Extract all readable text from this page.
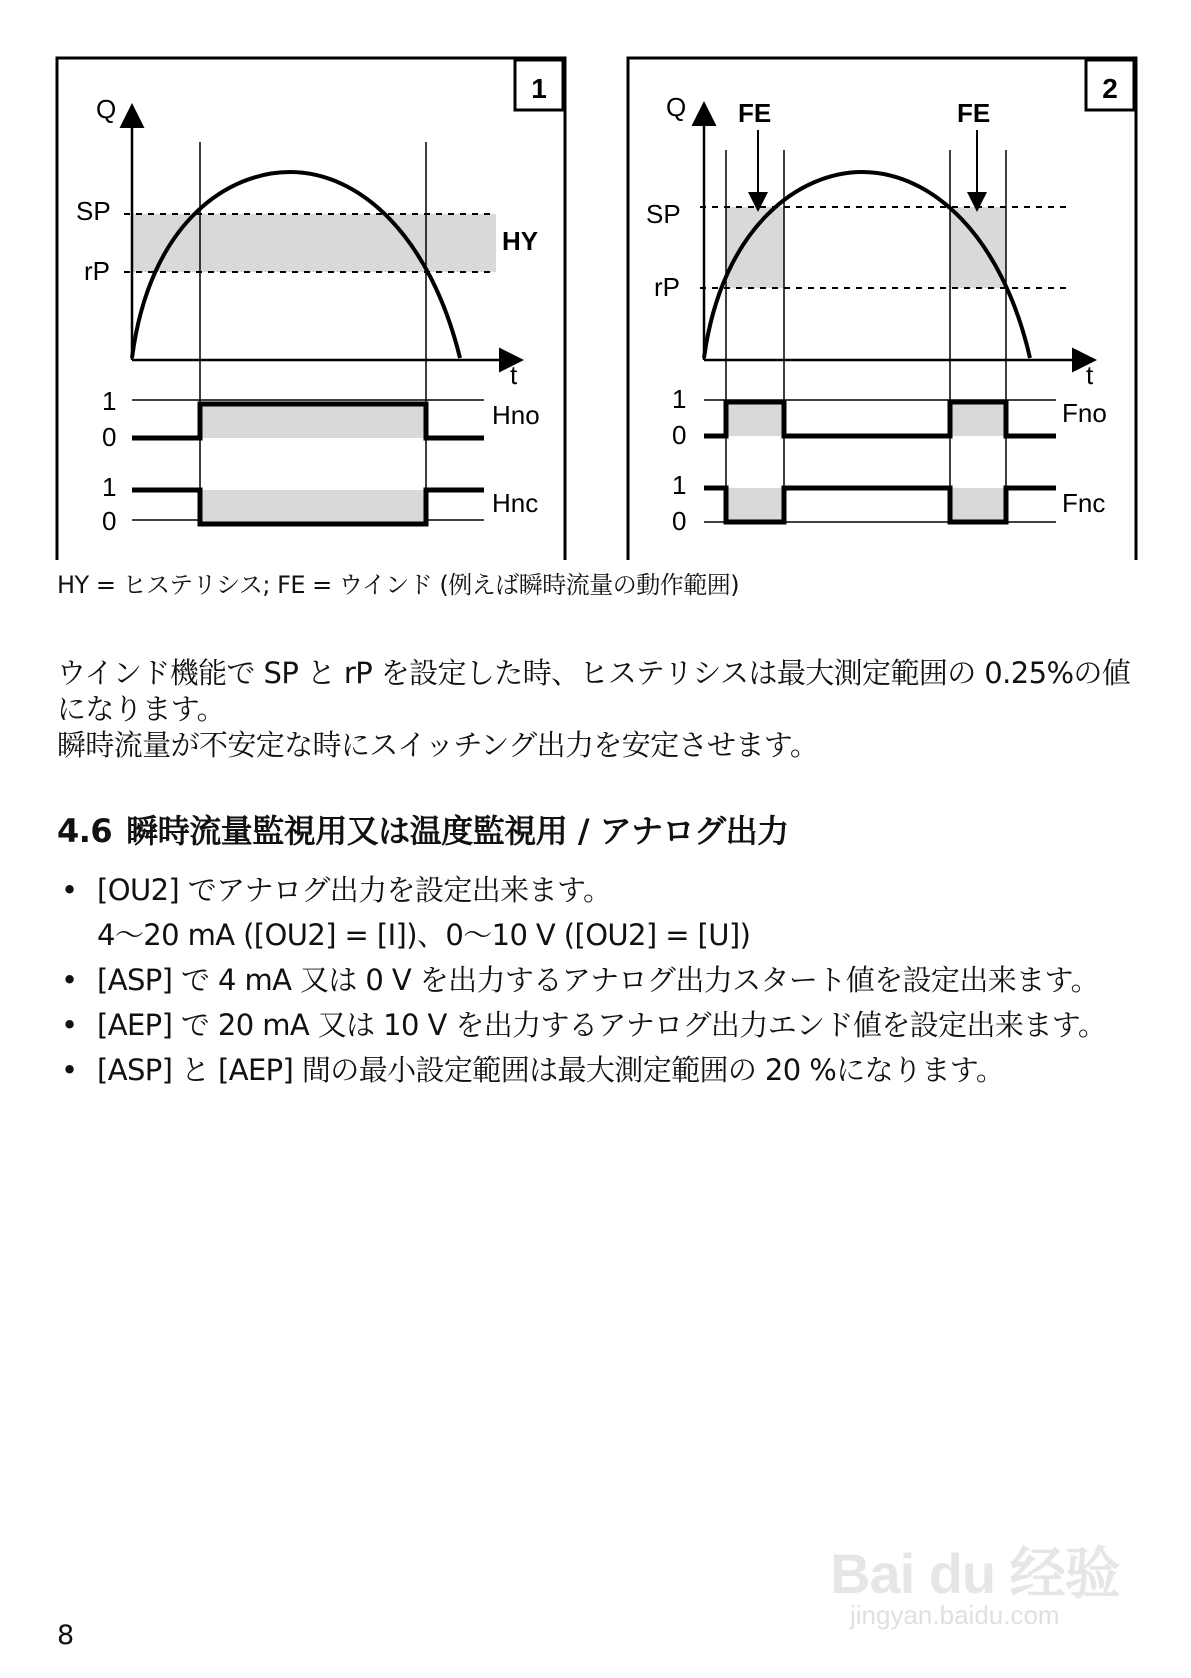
1
Q
t
SP
rP
HY
1
0
Hno
1
0
Hnc
2
Q
t
FE	FE
SP
rP
1
0
Fno
1
0
Fnc
HY = ヒステリシス; FE = ウインド (例えば瞬時流量の動作範囲)

ウインド機能で SP と rP を設定した時、ヒステリシスは最大測定範囲の 0.25%の値になります。

瞬時流量が不安定な時にスイッチング出力を安定させます。

4.6 瞬時流量監視用又は温度監視用 / アナログ出力
• [OU2] でアナログ出力を設定出来ます。
4～20 mA ([OU2] = [I])、0～10 V ([OU2] = [U])
• [ASP] で 4 mA 又は 0 V を出力するアナログ出力スタート値を設定出来ます。
• [AEP] で 20 mA 又は 10 V を出力するアナログ出力エンド値を設定出来ます。
• [ASP] と [AEP] 間の最小設定範囲は最大測定範囲の 20 %になります。
Bai du 经验
jingyan.baidu.com
8
